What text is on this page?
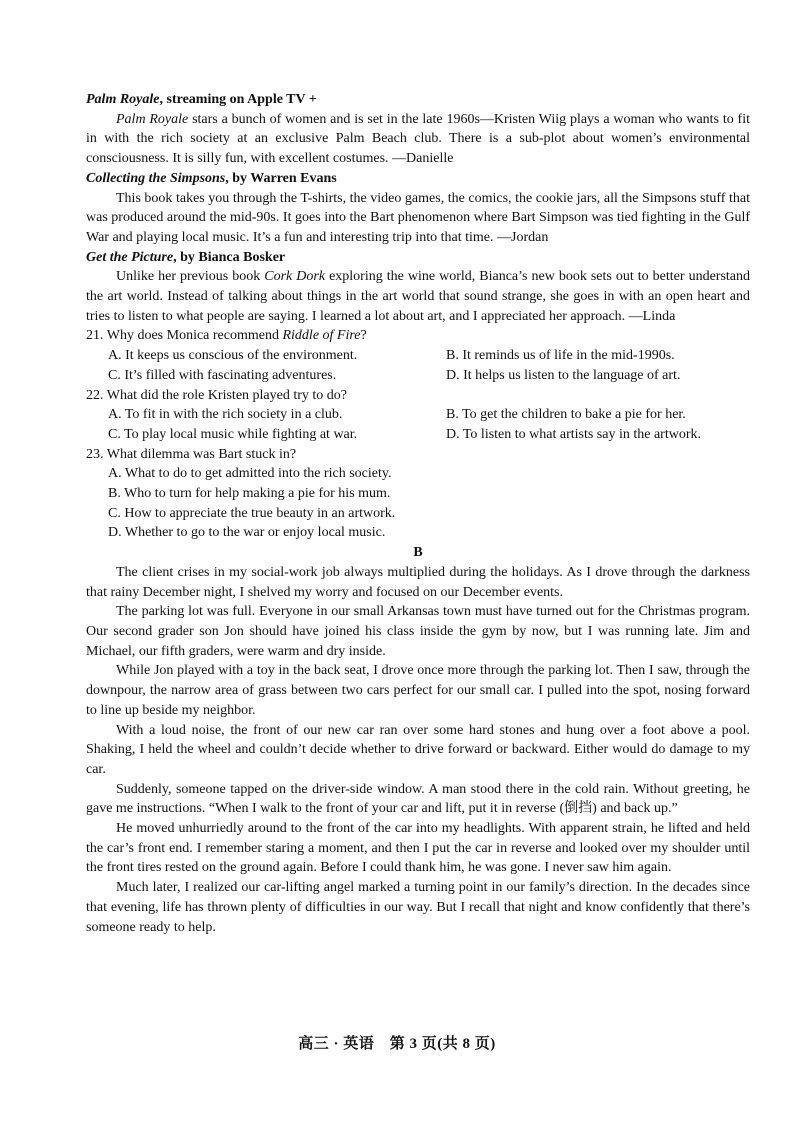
Palm Royale, streaming on Apple TV +

Palm Royale stars a bunch of women and is set in the late 1960s—Kristen Wiig plays a woman who wants to fit in with the rich society at an exclusive Palm Beach club. There is a sub-plot about women’s environmental consciousness. It is silly fun, with excellent costumes. —Danielle

Collecting the Simpsons, by Warren Evans

This book takes you through the T-shirts, the video games, the comics, the cookie jars, all the Simpsons stuff that was produced around the mid-90s. It goes into the Bart phenomenon where Bart Simpson was tied fighting in the Gulf War and playing local music. It’s a fun and interesting trip into that time. —Jordan

Get the Picture, by Bianca Bosker

Unlike her previous book Cork Dork exploring the wine world, Bianca’s new book sets out to better understand the art world. Instead of talking about things in the art world that sound strange, she goes in with an open heart and tries to listen to what people are saying. I learned a lot about art, and I appreciated her approach. —Linda

21. Why does Monica recommend Riddle of Fire?

A. It keeps us conscious of the environment.	B. It reminds us of life in the mid-1990s.

C. It’s filled with fascinating adventures.	D. It helps us listen to the language of art.

22. What did the role Kristen played try to do?

A. To fit in with the rich society in a club.	B. To get the children to bake a pie for her.

C. To play local music while fighting at war.	D. To listen to what artists say in the artwork.

23. What dilemma was Bart stuck in?

A. What to do to get admitted into the rich society.

B. Who to turn for help making a pie for his mum.

C. How to appreciate the true beauty in an artwork.

D. Whether to go to the war or enjoy local music.

B

The client crises in my social-work job always multiplied during the holidays. As I drove through the darkness that rainy December night, I shelved my worry and focused on our December events.

The parking lot was full. Everyone in our small Arkansas town must have turned out for the Christmas program. Our second grader son Jon should have joined his class inside the gym by now, but I was running late. Jim and Michael, our fifth graders, were warm and dry inside.

While Jon played with a toy in the back seat, I drove once more through the parking lot. Then I saw, through the downpour, the narrow area of grass between two cars perfect for our small car. I pulled into the spot, nosing forward to line up beside my neighbor.

With a loud noise, the front of our new car ran over some hard stones and hung over a foot above a pool. Shaking, I held the wheel and couldn’t decide whether to drive forward or backward. Either would do damage to my car.

Suddenly, someone tapped on the driver-side window. A man stood there in the cold rain. Without greeting, he gave me instructions. “When I walk to the front of your car and lift, put it in reverse (倒挡) and back up.”

He moved unhurriedly around to the front of the car into my headlights. With apparent strain, he lifted and held the car’s front end. I remember staring a moment, and then I put the car in reverse and looked over my shoulder until the front tires rested on the ground again. Before I could thank him, he was gone. I never saw him again.

Much later, I realized our car-lifting angel marked a turning point in our family’s direction. In the decades since that evening, life has thrown plenty of difficulties in our way. But I recall that night and know confidently that there’s someone ready to help.

高三 · 英语　第 3 页(共 8 页)
